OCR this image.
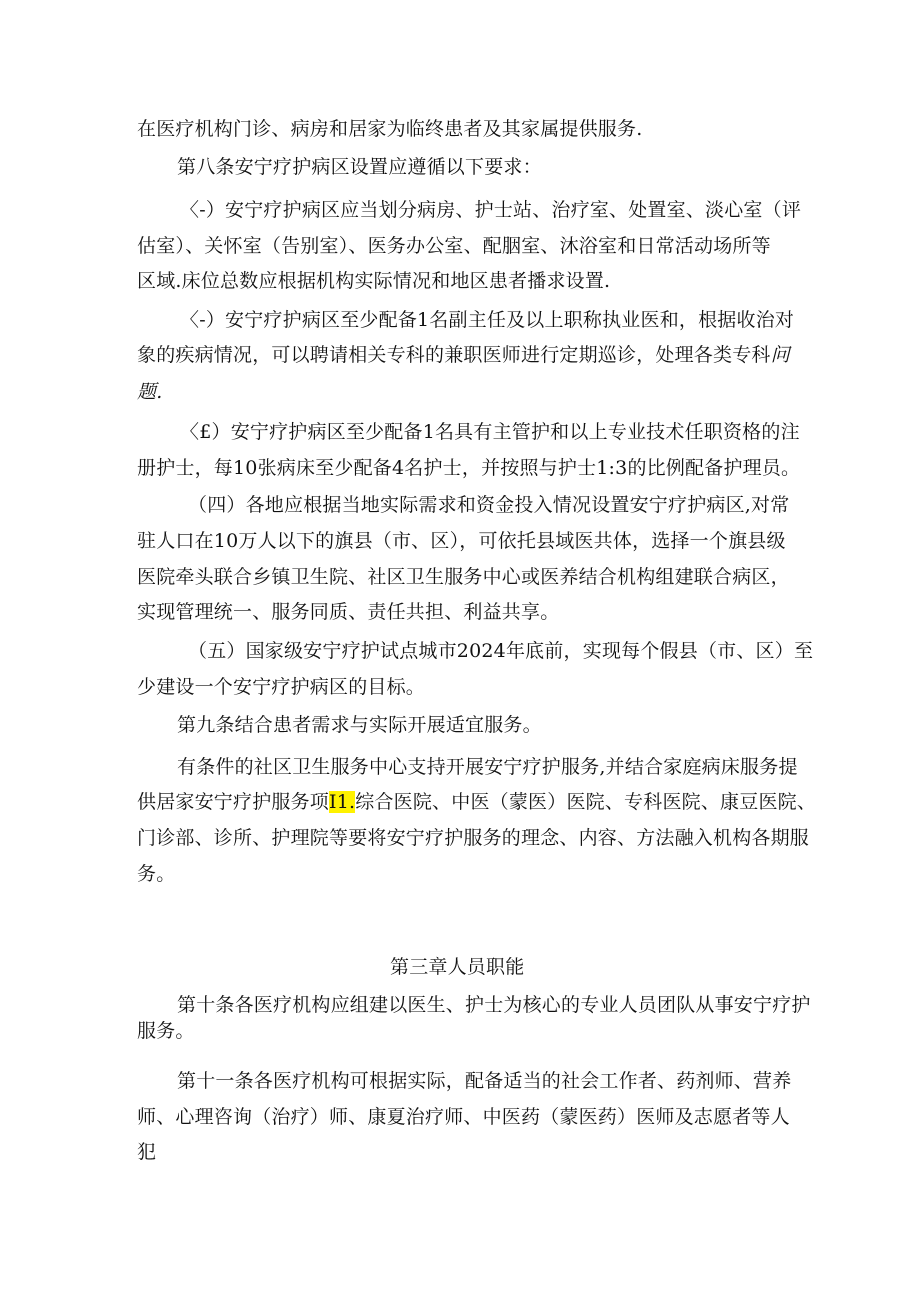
在医疗机构门诊、病房和居家为临终患者及其家属提供服务.
第八条安宁疗护病区设置应遵循以下要求：
〈-）安宁疗护病区应当划分病房、护士站、治疗室、处置室、淡心室（评
估室）、关怀室（告别室）、医务办公室、配胭室、沐浴室和日常活动场所等
区域.床位总数应根据机构实际情况和地区患者播求设置.
〈-）安宁疗护病区至少配备1名副主任及以上职称执业医和，根据收治对
象的疾病情况，可以聘请相关专科的兼职医师进行定期巡诊，处理各类专科问
题.
〈£）安宁疗护病区至少配备1名具有主管护和以上专业技术任职资格的注
册护士，每10张病床至少配备4名护士，并按照与护士1:3的比例配备护理员。
（四）各地应根据当地实际需求和资金投入情况设置安宁疗护病区,对常
驻人口在10万人以下的旗县（市、区），可依托县域医共体，选择一个旗县级
医院牵头联合乡镇卫生院、社区卫生服务中心或医养结合机构组建联合病区，
实现管理统一、服务同质、责任共担、利益共享。
（五）国家级安宁疗护试点城市2024年底前，实现每个假县（市、区）至
少建设一个安宁疗护病区的目标。
第九条结合患者需求与实际开展适宜服务。
有条件的社区卫生服务中心支持开展安宁疗护服务,并结合家庭病床服务提
供居家安宁疗护服务项I1.综合医院、中医（蒙医）医院、专科医院、康豆医院、
门诊部、诊所、护理院等要将安宁疗护服务的理念、内容、方法融入机构各期服
务。
第三章人员职能
第十条各医疗机构应组建以医生、护士为核心的专业人员团队从事安宁疗护
服务。
第十一条各医疗机构可根据实际，配备适当的社会工作者、药剂师、营养
师、心理咨询（治疗）师、康夏治疗师、中医药（蒙医药）医师及志愿者等人
犯
